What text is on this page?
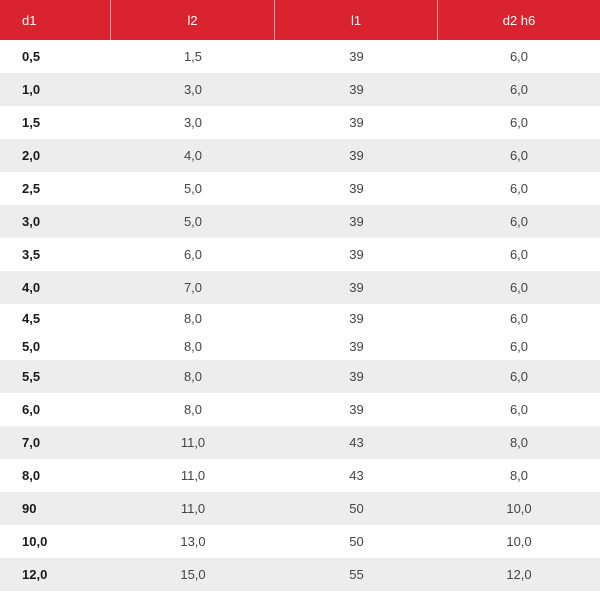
d1	l2	l1	d2 h6
0,5	1,5	39	6,0
1,0	3,0	39	6,0
1,5	3,0	39	6,0
2,0	4,0	39	6,0
2,5	5,0	39	6,0
3,0	5,0	39	6,0
3,5	6,0	39	6,0
4,0	7,0	39	6,0
4,5	8,0	39	6,0
5,0	8,0	39	6,0
5,5	8,0	39	6,0
6,0	8,0	39	6,0
7,0	11,0	43	8,0
8,0	11,0	43	8,0
90	11,0	50	10,0
10,0	13,0	50	10,0
12,0	15,0	55	12,0
